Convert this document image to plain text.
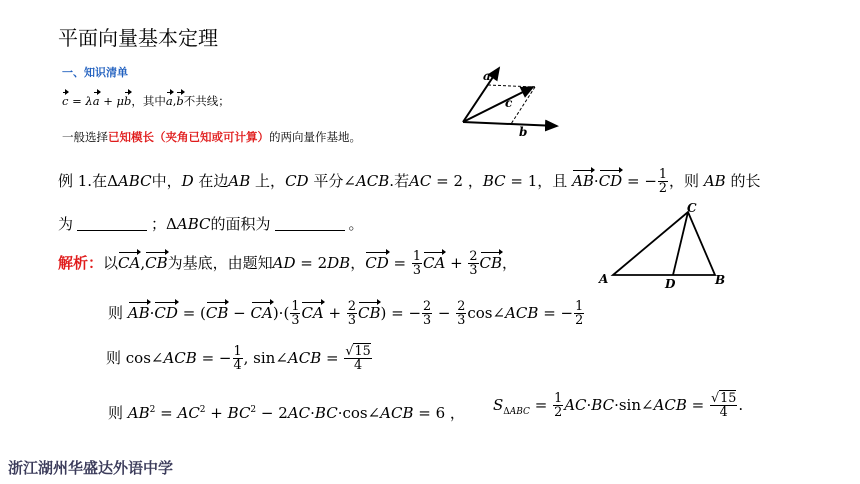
平面向量基本定理
一、知识清单
c = λa + μb，其中a,b不共线；
一般选择已知模长（夹角已知或可计算）的两向量作基地。
a
c
b
例 1.在ΔABC中，D 在边AB 上，CD 平分∠ACB.若AC = 2 ，BC = 1，且 AB·CD = − $\frac{1}{2}$ ，则 AB 的长
为	；ΔABC的面积为	。
A	B
C
D
解析：以CA,CB为基底，由题知AD = 2DB，CD = $\frac{1}{3}$ CA + $\frac{2}{3}$ CB，
则 $AB\cdot CD = (CB - CA)\cdot( \frac{1}{3}$ CA + $\frac{2}{3} CB$) = − $\frac{2}{3} - \frac{2}{3}$ cos∠ACB = − $\frac{1}{2}$
则 cos∠ACB = − $\frac{1}{4}$ , sin∠ACB = $\frac{√15}{4}$
则 $AB^2 = AC^2 + BC^2$ − 2AC·BC·cos∠ACB = 6 ， $S_{\Delta ABC} = \frac{1}{2}$ AC·BC·sin∠ACB = $\frac{√15}{4}$ .
浙江湖州华盛达外语中学
